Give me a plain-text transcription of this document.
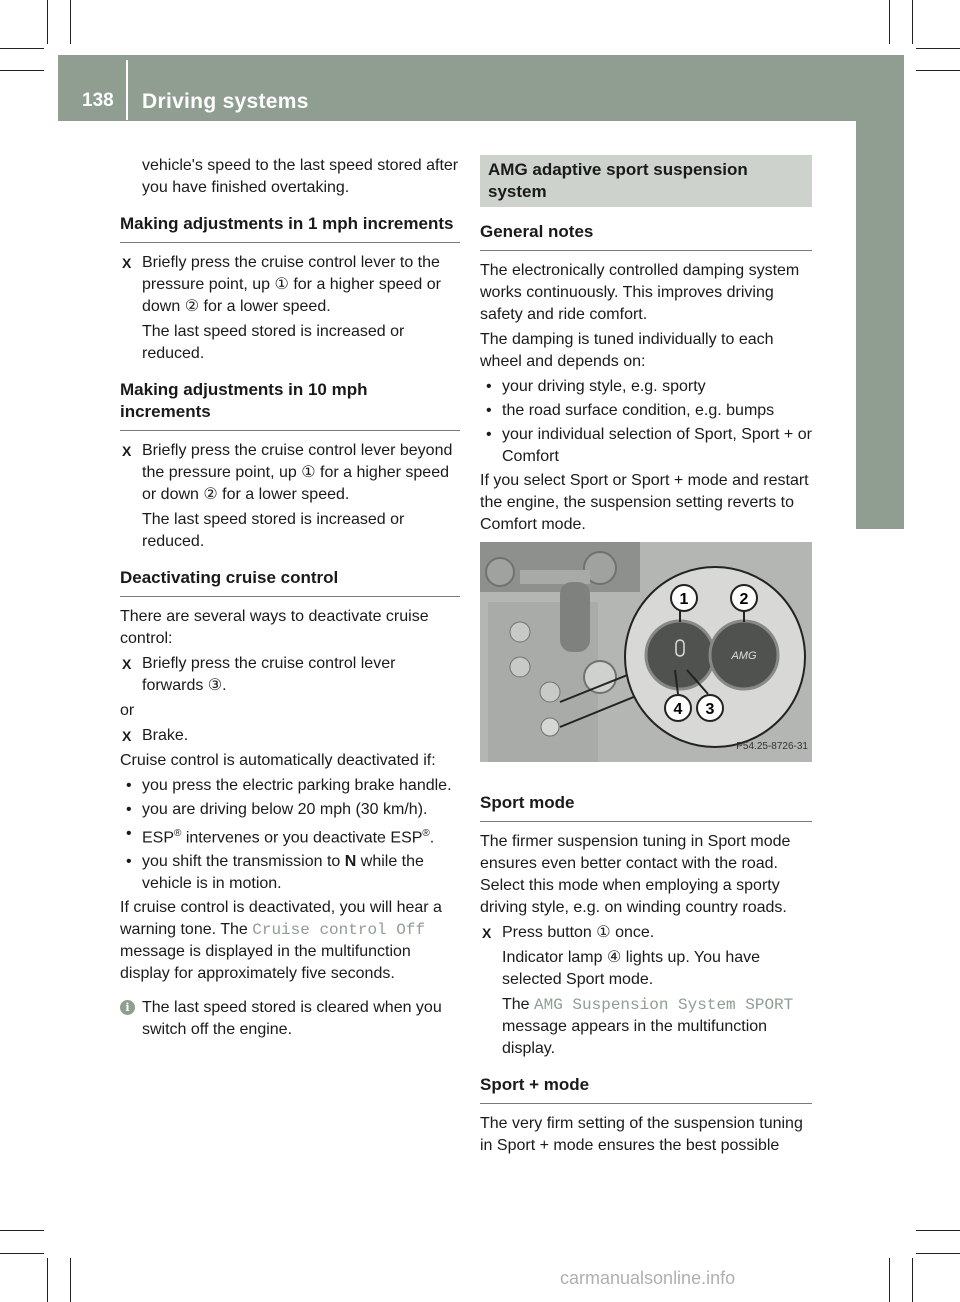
138 Driving systems
Driving and parking

vehicle's speed to the last speed stored after you have finished overtaking.

Making adjustments in 1 mph increments
X Briefly press the cruise control lever to the pressure point, up ① for a higher speed or down ② for a lower speed.

The last speed stored is increased or reduced.

Making adjustments in 10 mph increments
X Briefly press the cruise control lever beyond the pressure point, up ① for a higher speed or down ② for a lower speed.

The last speed stored is increased or reduced.

Deactivating cruise control

There are several ways to deactivate cruise control:

X Briefly press the cruise control lever forwards ③.

or

X Brake.

Cruise control is automatically deactivated if:

• you press the electric parking brake handle.
• you are driving below 20 mph (30 km/h).
• ESP® intervenes or you deactivate ESP®.
• you shift the transmission to N while the vehicle is in motion.

If cruise control is deactivated, you will hear a warning tone. The Cruise control Off message is displayed in the multifunction display for approximately five seconds.

i The last speed stored is cleared when you switch off the engine.
AMG adaptive sport suspension system
General notes

The electronically controlled damping system works continuously. This improves driving safety and ride comfort.

The damping is tuned individually to each wheel and depends on:

• your driving style, e.g. sporty
• the road surface condition, e.g. bumps
• your individual selection of Sport, Sport + or Comfort

If you select Sport or Sport + mode and restart the engine, the suspension setting reverts to Comfort mode.

AMG
1	2
4 3
P54.25-8726-31
Sport mode

The firmer suspension tuning in Sport mode ensures even better contact with the road. Select this mode when employing a sporty driving style, e.g. on winding country roads.

X Press button ① once.

Indicator lamp ④ lights up. You have selected Sport mode.

The AMG Suspension System SPORT message appears in the multifunction display.

Sport + mode

The very firm setting of the suspension tuning in Sport + mode ensures the best possible

carmanualsonline.info
